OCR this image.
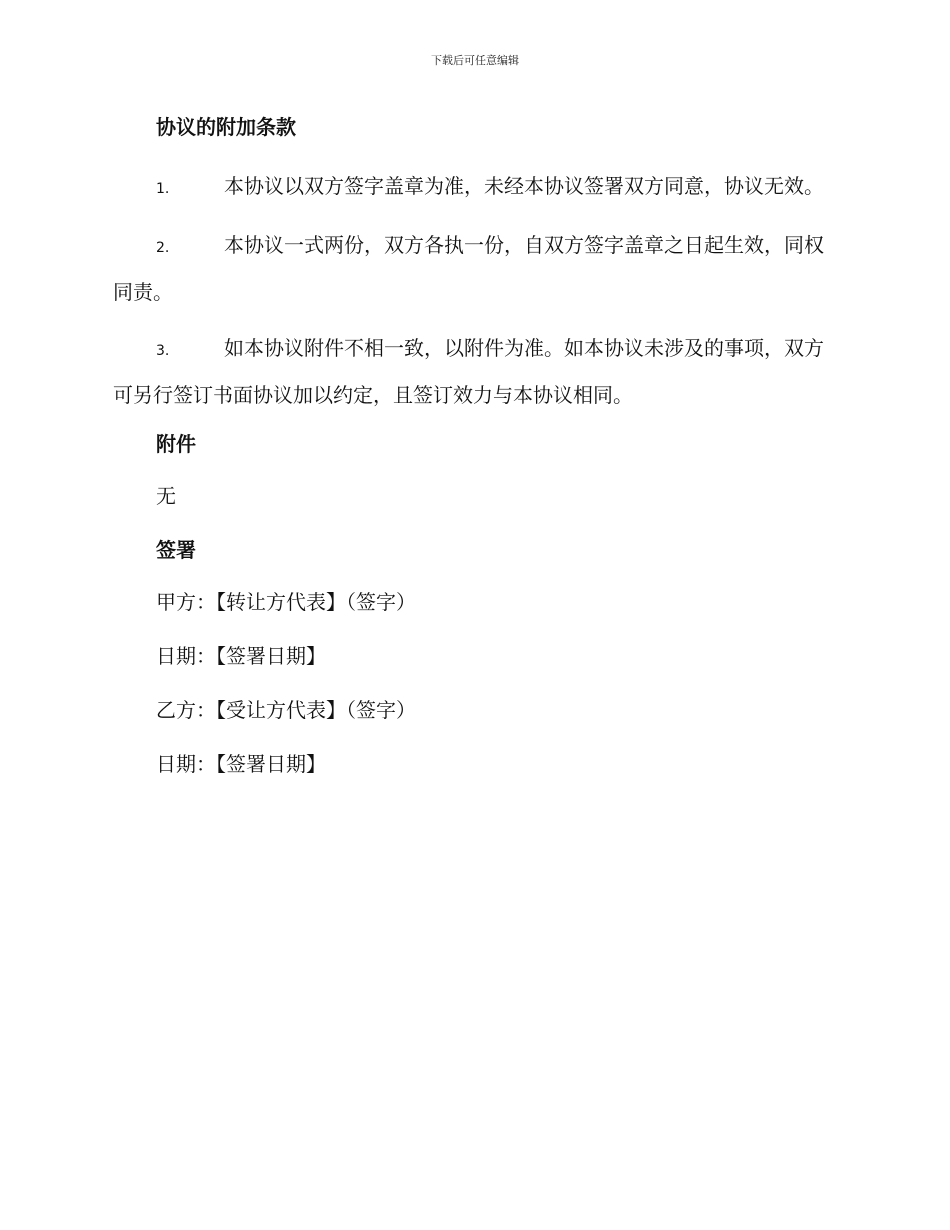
下载后可任意编辑
协议的附加条款
1.	本协议以双方签字盖章为准，未经本协议签署双方同意，协议无效。
2.	本协议一式两份，双方各执一份，自双方签字盖章之日起生效，同权同责。
3.	如本协议附件不相一致，以附件为准。如本协议未涉及的事项，双方可另行签订书面协议加以约定，且签订效力与本协议相同。
附件
无
签署
甲方：【转让方代表】（签字）
日期：【签署日期】
乙方：【受让方代表】（签字）
日期：【签署日期】
